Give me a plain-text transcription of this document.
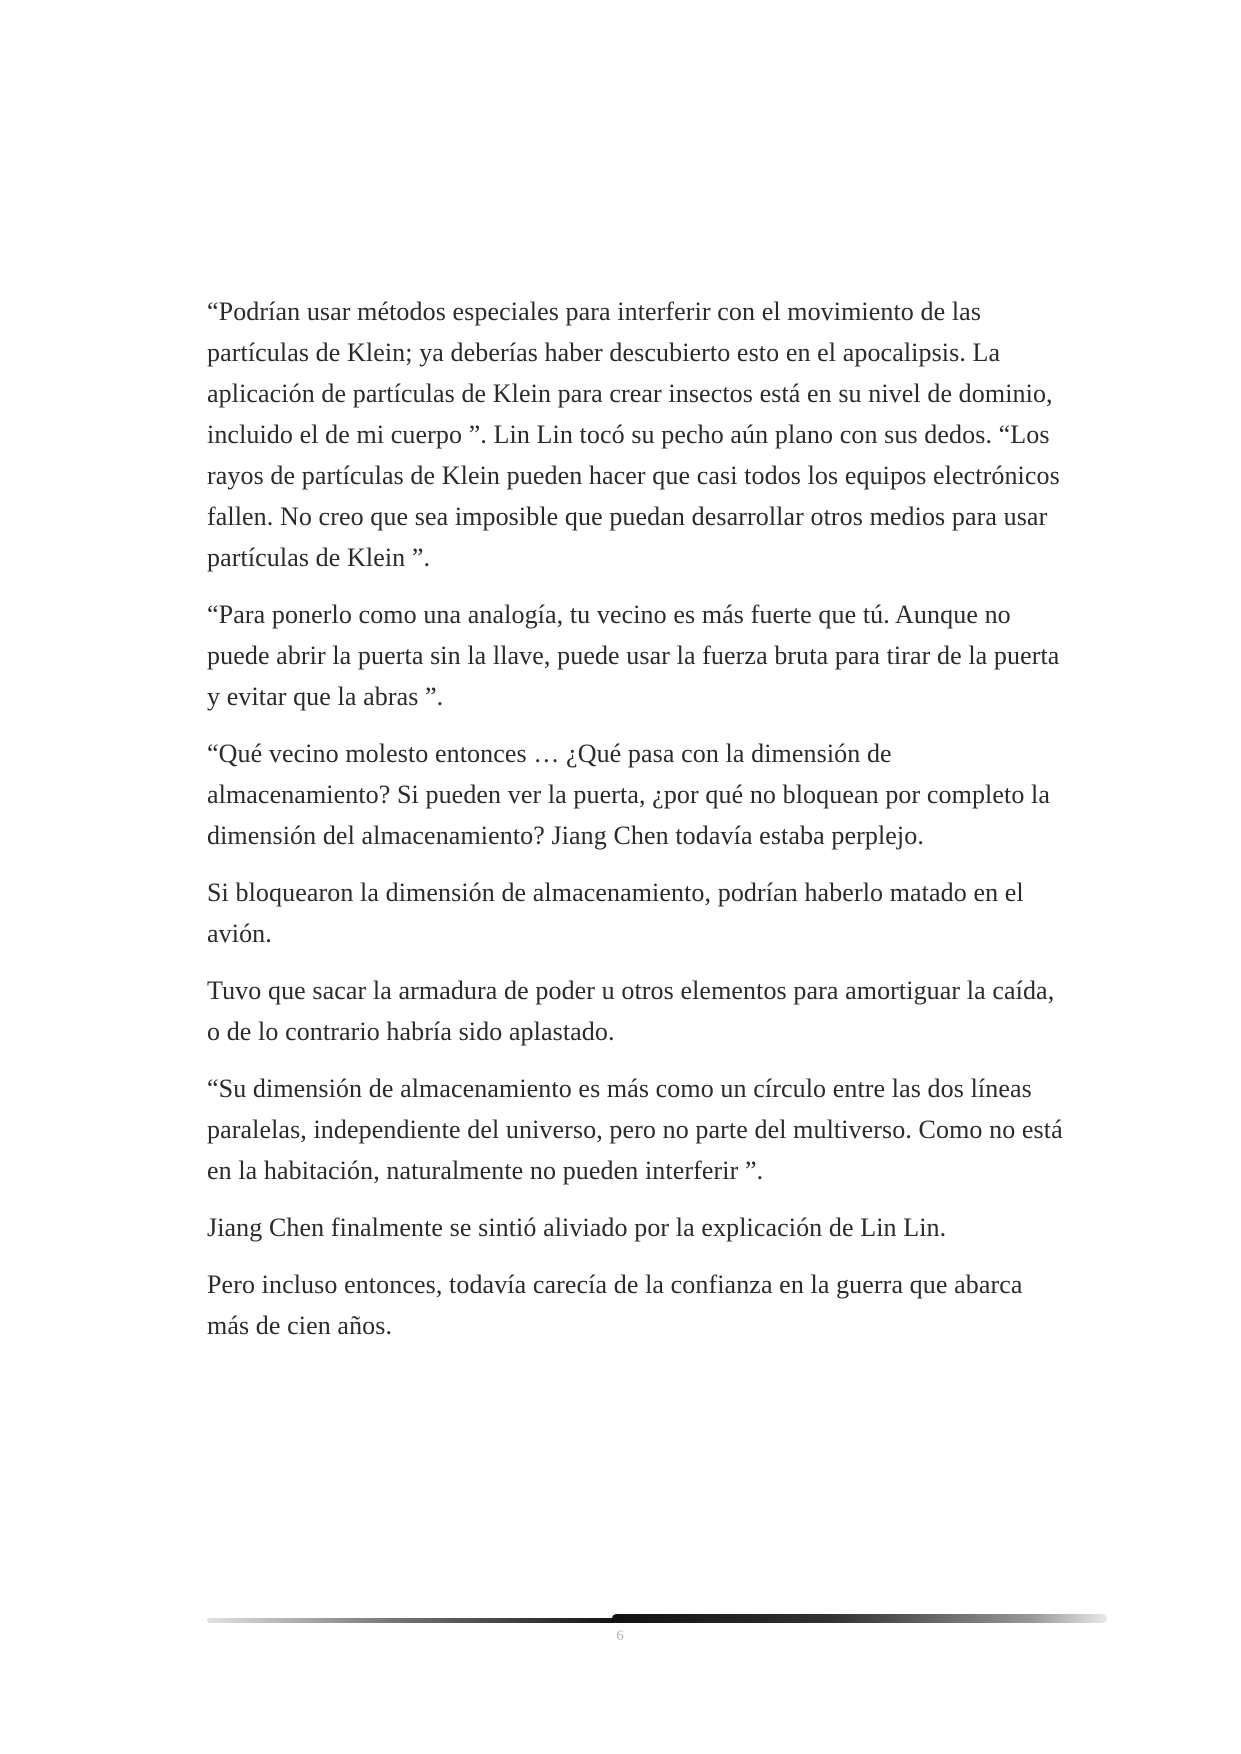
“Podrían usar métodos especiales para interferir con el movimiento de las partículas de Klein; ya deberías haber descubierto esto en el apocalipsis. La aplicación de partículas de Klein para crear insectos está en su nivel de dominio, incluido el de mi cuerpo ”. Lin Lin tocó su pecho aún plano con sus dedos. “Los rayos de partículas de Klein pueden hacer que casi todos los equipos electrónicos fallen. No creo que sea imposible que puedan desarrollar otros medios para usar partículas de Klein ”.

“Para ponerlo como una analogía, tu vecino es más fuerte que tú. Aunque no puede abrir la puerta sin la llave, puede usar la fuerza bruta para tirar de la puerta y evitar que la abras ”.

“Qué vecino molesto entonces … ¿Qué pasa con la dimensión de almacenamiento? Si pueden ver la puerta, ¿por qué no bloquean por completo la dimensión del almacenamiento? Jiang Chen todavía estaba perplejo.

Si bloquearon la dimensión de almacenamiento, podrían haberlo matado en el avión.

Tuvo que sacar la armadura de poder u otros elementos para amortiguar la caída, o de lo contrario habría sido aplastado.

“Su dimensión de almacenamiento es más como un círculo entre las dos líneas paralelas, independiente del universo, pero no parte del multiverso. Como no está en la habitación, naturalmente no pueden interferir ”.

Jiang Chen finalmente se sintió aliviado por la explicación de Lin Lin.

Pero incluso entonces, todavía carecía de la confianza en la guerra que abarca más de cien años.

6
